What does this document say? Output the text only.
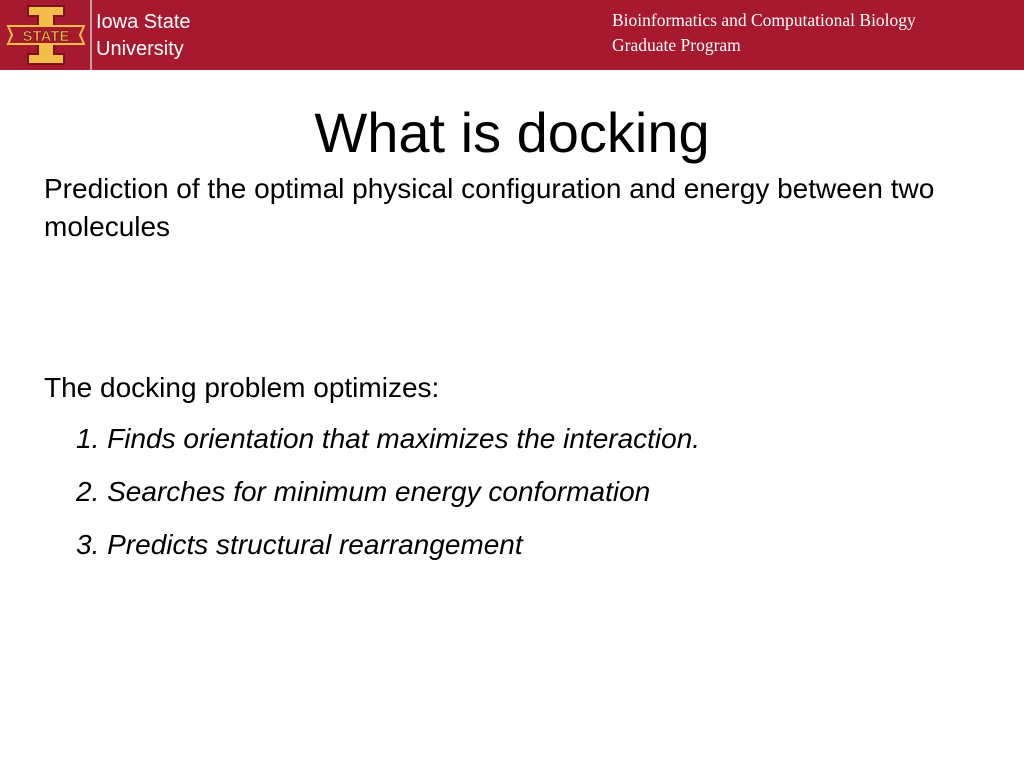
STATE
Iowa State
University
Bioinformatics and Computational Biology
Graduate Program
What is docking
Prediction of the optimal physical configuration and energy between two molecules
The docking problem optimizes:
1. Finds orientation that maximizes the interaction.
2. Searches for minimum energy conformation
3. Predicts structural rearrangement
